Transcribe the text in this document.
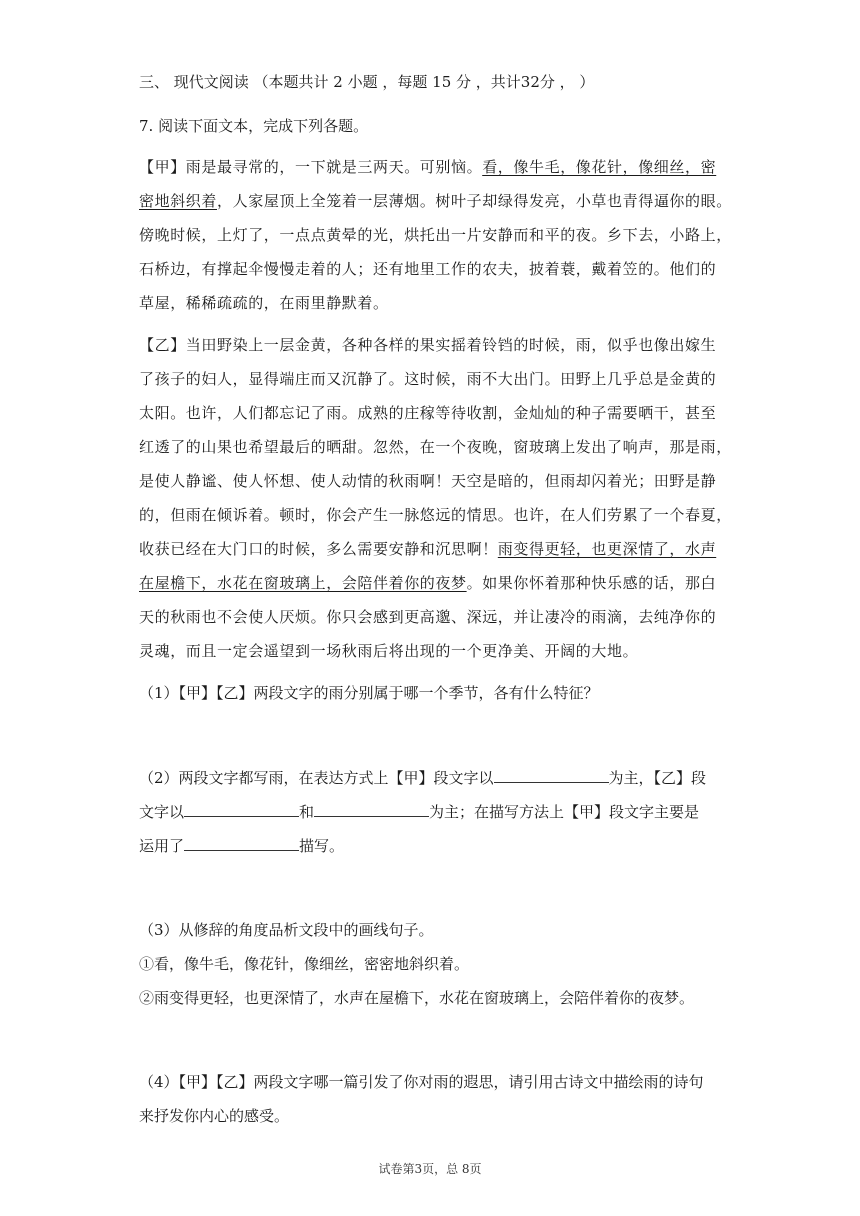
三、 现代文阅读 （本题共计 2 小题 ，每题 15 分 ，共计32分 ， ）
7. 阅读下面文本，完成下列各题。
【甲】雨是最寻常的，一下就是三两天。可别恼。看，像牛毛，像花针，像细丝，密
密地斜织着，人家屋顶上全笼着一层薄烟。树叶子却绿得发亮，小草也青得逼你的眼。
傍晚时候，上灯了，一点点黄晕的光，烘托出一片安静而和平的夜。乡下去，小路上，
石桥边，有撑起伞慢慢走着的人；还有地里工作的农夫，披着蓑，戴着笠的。他们的
草屋，稀稀疏疏的，在雨里静默着。
【乙】当田野染上一层金黄，各种各样的果实摇着铃铛的时候，雨，似乎也像出嫁生
了孩子的妇人，显得端庄而又沉静了。这时候，雨不大出门。田野上几乎总是金黄的
太阳。也许，人们都忘记了雨。成熟的庄稼等待收割，金灿灿的种子需要晒干，甚至
红透了的山果也希望最后的晒甜。忽然，在一个夜晚，窗玻璃上发出了响声，那是雨，
是使人静谧、使人怀想、使人动情的秋雨啊！天空是暗的，但雨却闪着光；田野是静
的，但雨在倾诉着。顿时，你会产生一脉悠远的情思。也许，在人们劳累了一个春夏，
收获已经在大门口的时候，多么需要安静和沉思啊！雨变得更轻，也更深情了，水声
在屋檐下，水花在窗玻璃上，会陪伴着你的夜梦。如果你怀着那种快乐感的话，那白
天的秋雨也不会使人厌烦。你只会感到更高邈、深远，并让凄冷的雨滴，去纯净你的
灵魂，而且一定会遥望到一场秋雨后将出现的一个更净美、开阔的大地。
（1）【甲】【乙】两段文字的雨分别属于哪一个季节，各有什么特征？
（2）两段文字都写雨，在表达方式上【甲】段文字以	为主，【乙】段
文字以	和	为主；在描写方法上【甲】段文字主要是
运用了	描写。
（3）从修辞的角度品析文段中的画线句子。
①看，像牛毛，像花针，像细丝，密密地斜织着。
②雨变得更轻，也更深情了，水声在屋檐下，水花在窗玻璃上，会陪伴着你的夜梦。
（4）【甲】【乙】两段文字哪一篇引发了你对雨的遐思，请引用古诗文中描绘雨的诗句
来抒发你内心的感受。
试卷第3页，总 8页
